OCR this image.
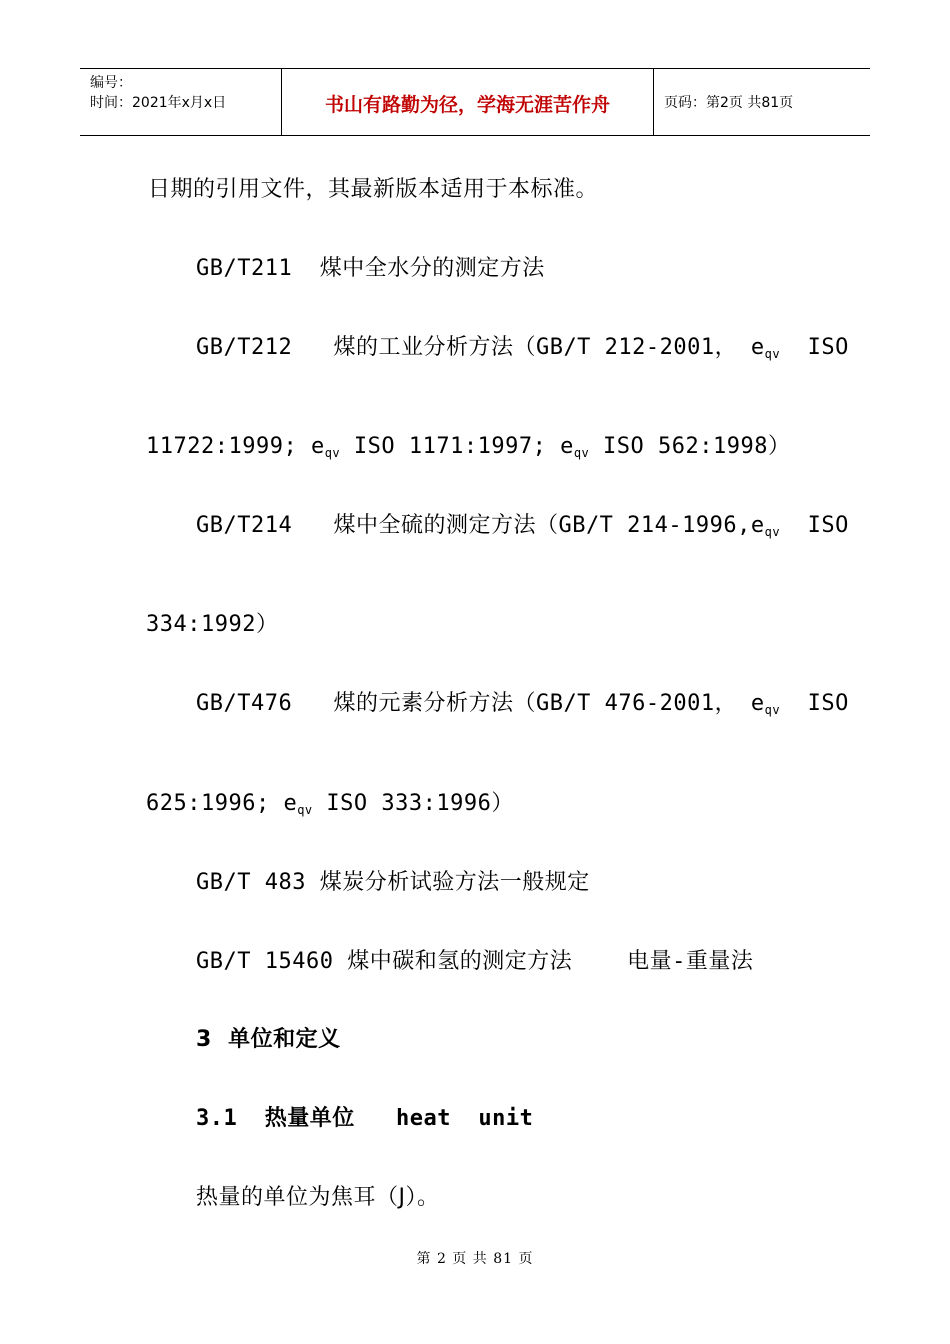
编号：
时间：2021年x月x日	书山有路勤为径，学海无涯苦作舟	页码：第2页 共81页
日期的引用文件，其最新版本适用于本标准。
GB/T211  煤中全水分的测定方法
GB/T212   煤的工业分析方法（GB/T 212-2001， $e_{qv}$  ISO
11722:1999; $e_{qv}$ ISO 1171:1997; $e_{qv}$ ISO 562:1998）
GB/T214   煤中全硫的测定方法（GB/T $214-1996,e_{qv}$  ISO
334:1992）
GB/T476   煤的元素分析方法（GB/T 476-2001， $e_{qv}$  ISO
625:1996; $e_{qv}$ ISO 333:1996）
GB/T 483 煤炭分析试验方法一般规定
GB/T 15460 煤中碳和氢的测定方法    电量-重量法
3  单位和定义
3.1  热量单位   heat  unit
热量的单位为焦耳（J）。
第 2 页 共 81 页
